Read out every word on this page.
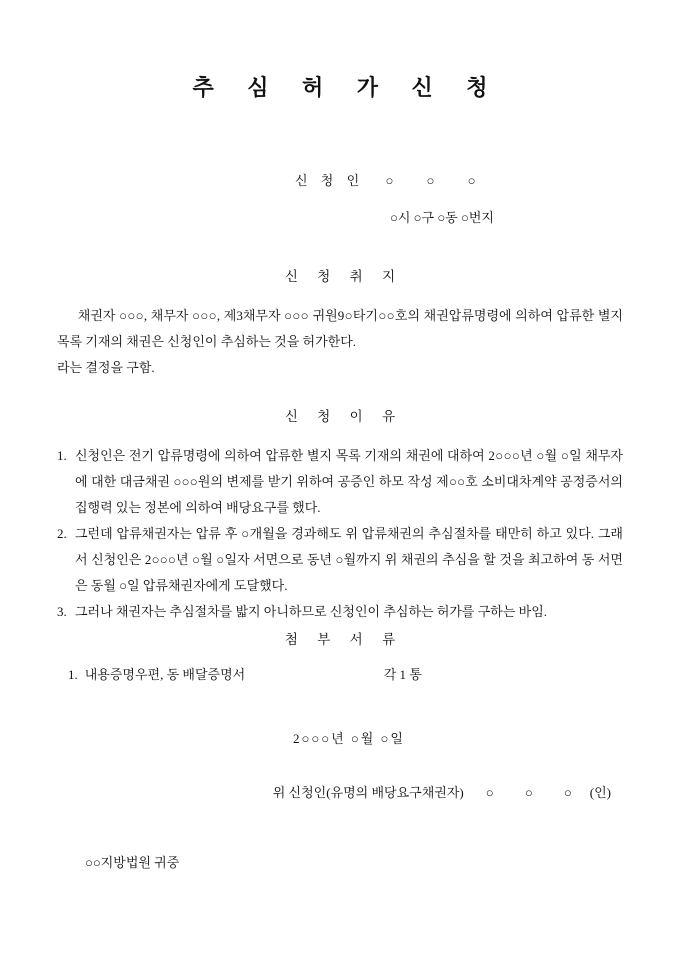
추 심 허 가 신 청
신 청 인 ○ ○ ○
○시 ○구 ○동 ○번지
신 청 취 지

채권자 ○○○, 채무자 ○○○, 제3채무자 ○○○ 귀원9○타기○○호의 채권압류명령에 의하여 압류한 별지 목록 기재의 채권은 신청인이 추심하는 것을 허가한다.

라는 결정을 구함.

신 청 이 유
1. 신청인은 전기 압류명령에 의하여 압류한 별지 목록 기재의 채권에 대하여 2○○○년 ○월 ○일 채무자에 대한 대금채권 ○○○원의 변제를 받기 위하여 공증인 하모 작성 제○○호 소비대차계약 공정증서의 집행력 있는 정본에 의하여 배당요구를 했다.
2. 그런데 압류채권자는 압류 후 ○개월을 경과해도 위 압류채권의 추심절차를 태만히 하고 있다. 그래서 신청인은 2○○○년 ○월 ○일자 서면으로 동년 ○월까지 위 채권의 추심을 할 것을 최고하여 동 서면은 동월 ○일 압류채권자에게 도달했다.
3. 그러나 채권자는 추심절차를 밟지 아니하므로 신청인이 추심하는 허가를 구하는 바임.
첨 부 서 류
1. 내용증명우편, 동 배달증명서	각 1 통
2○○○년 ○월 ○일
위 신청인(유명의 배당요구채권자) ○ ○ ○ (인)
○○지방법원 귀중
